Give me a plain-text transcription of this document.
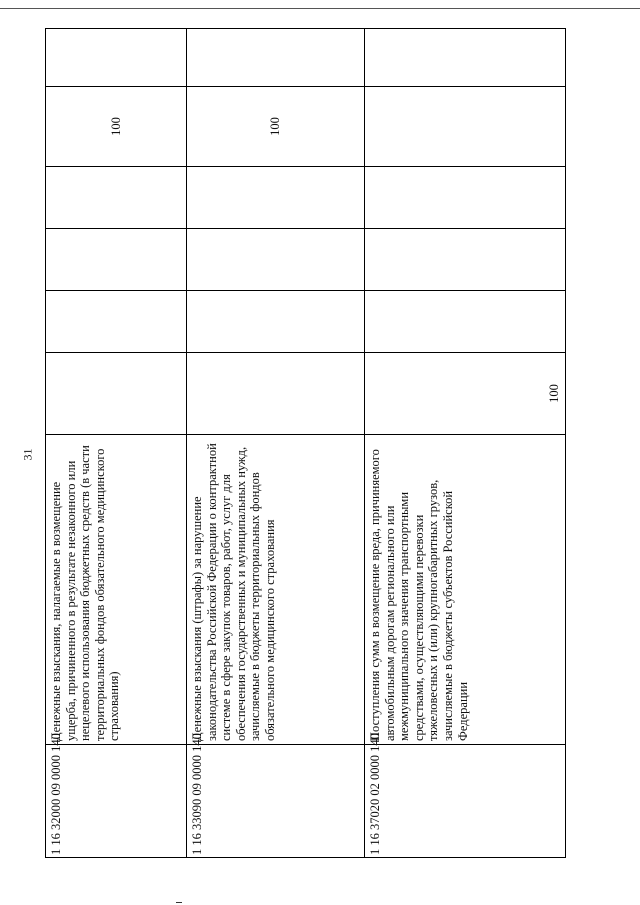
31
1 16 32000 09 0000 140	Денежные взыскания, налагаемые в возмещение ущерба, причиненного в результате незаконного или нецелевого использования бюджетных средств (в части территориальных фондов обязательного медицинского страхования)					100	
1 16 33090 09 0000 140	Денежные взыскания (штрафы) за нарушение законодательства Российской Федерации о контрактной системе в сфере закупок товаров, работ, услуг для обеспечения государственных и муниципальных нужд, зачисляемые в бюджеты территориальных фондов обязательного медицинского страхования					100	
1 16 37020 02 0000 140	Поступления сумм в возмещение вреда, причиняемого автомобильным дорогам регионального или межмуниципального значения транспортными средствами, осуществляющими перевозки тяжеловесных и (или) крупногабаритных грузов, зачисляемые в бюджеты субъектов Российской Федерации	100					
